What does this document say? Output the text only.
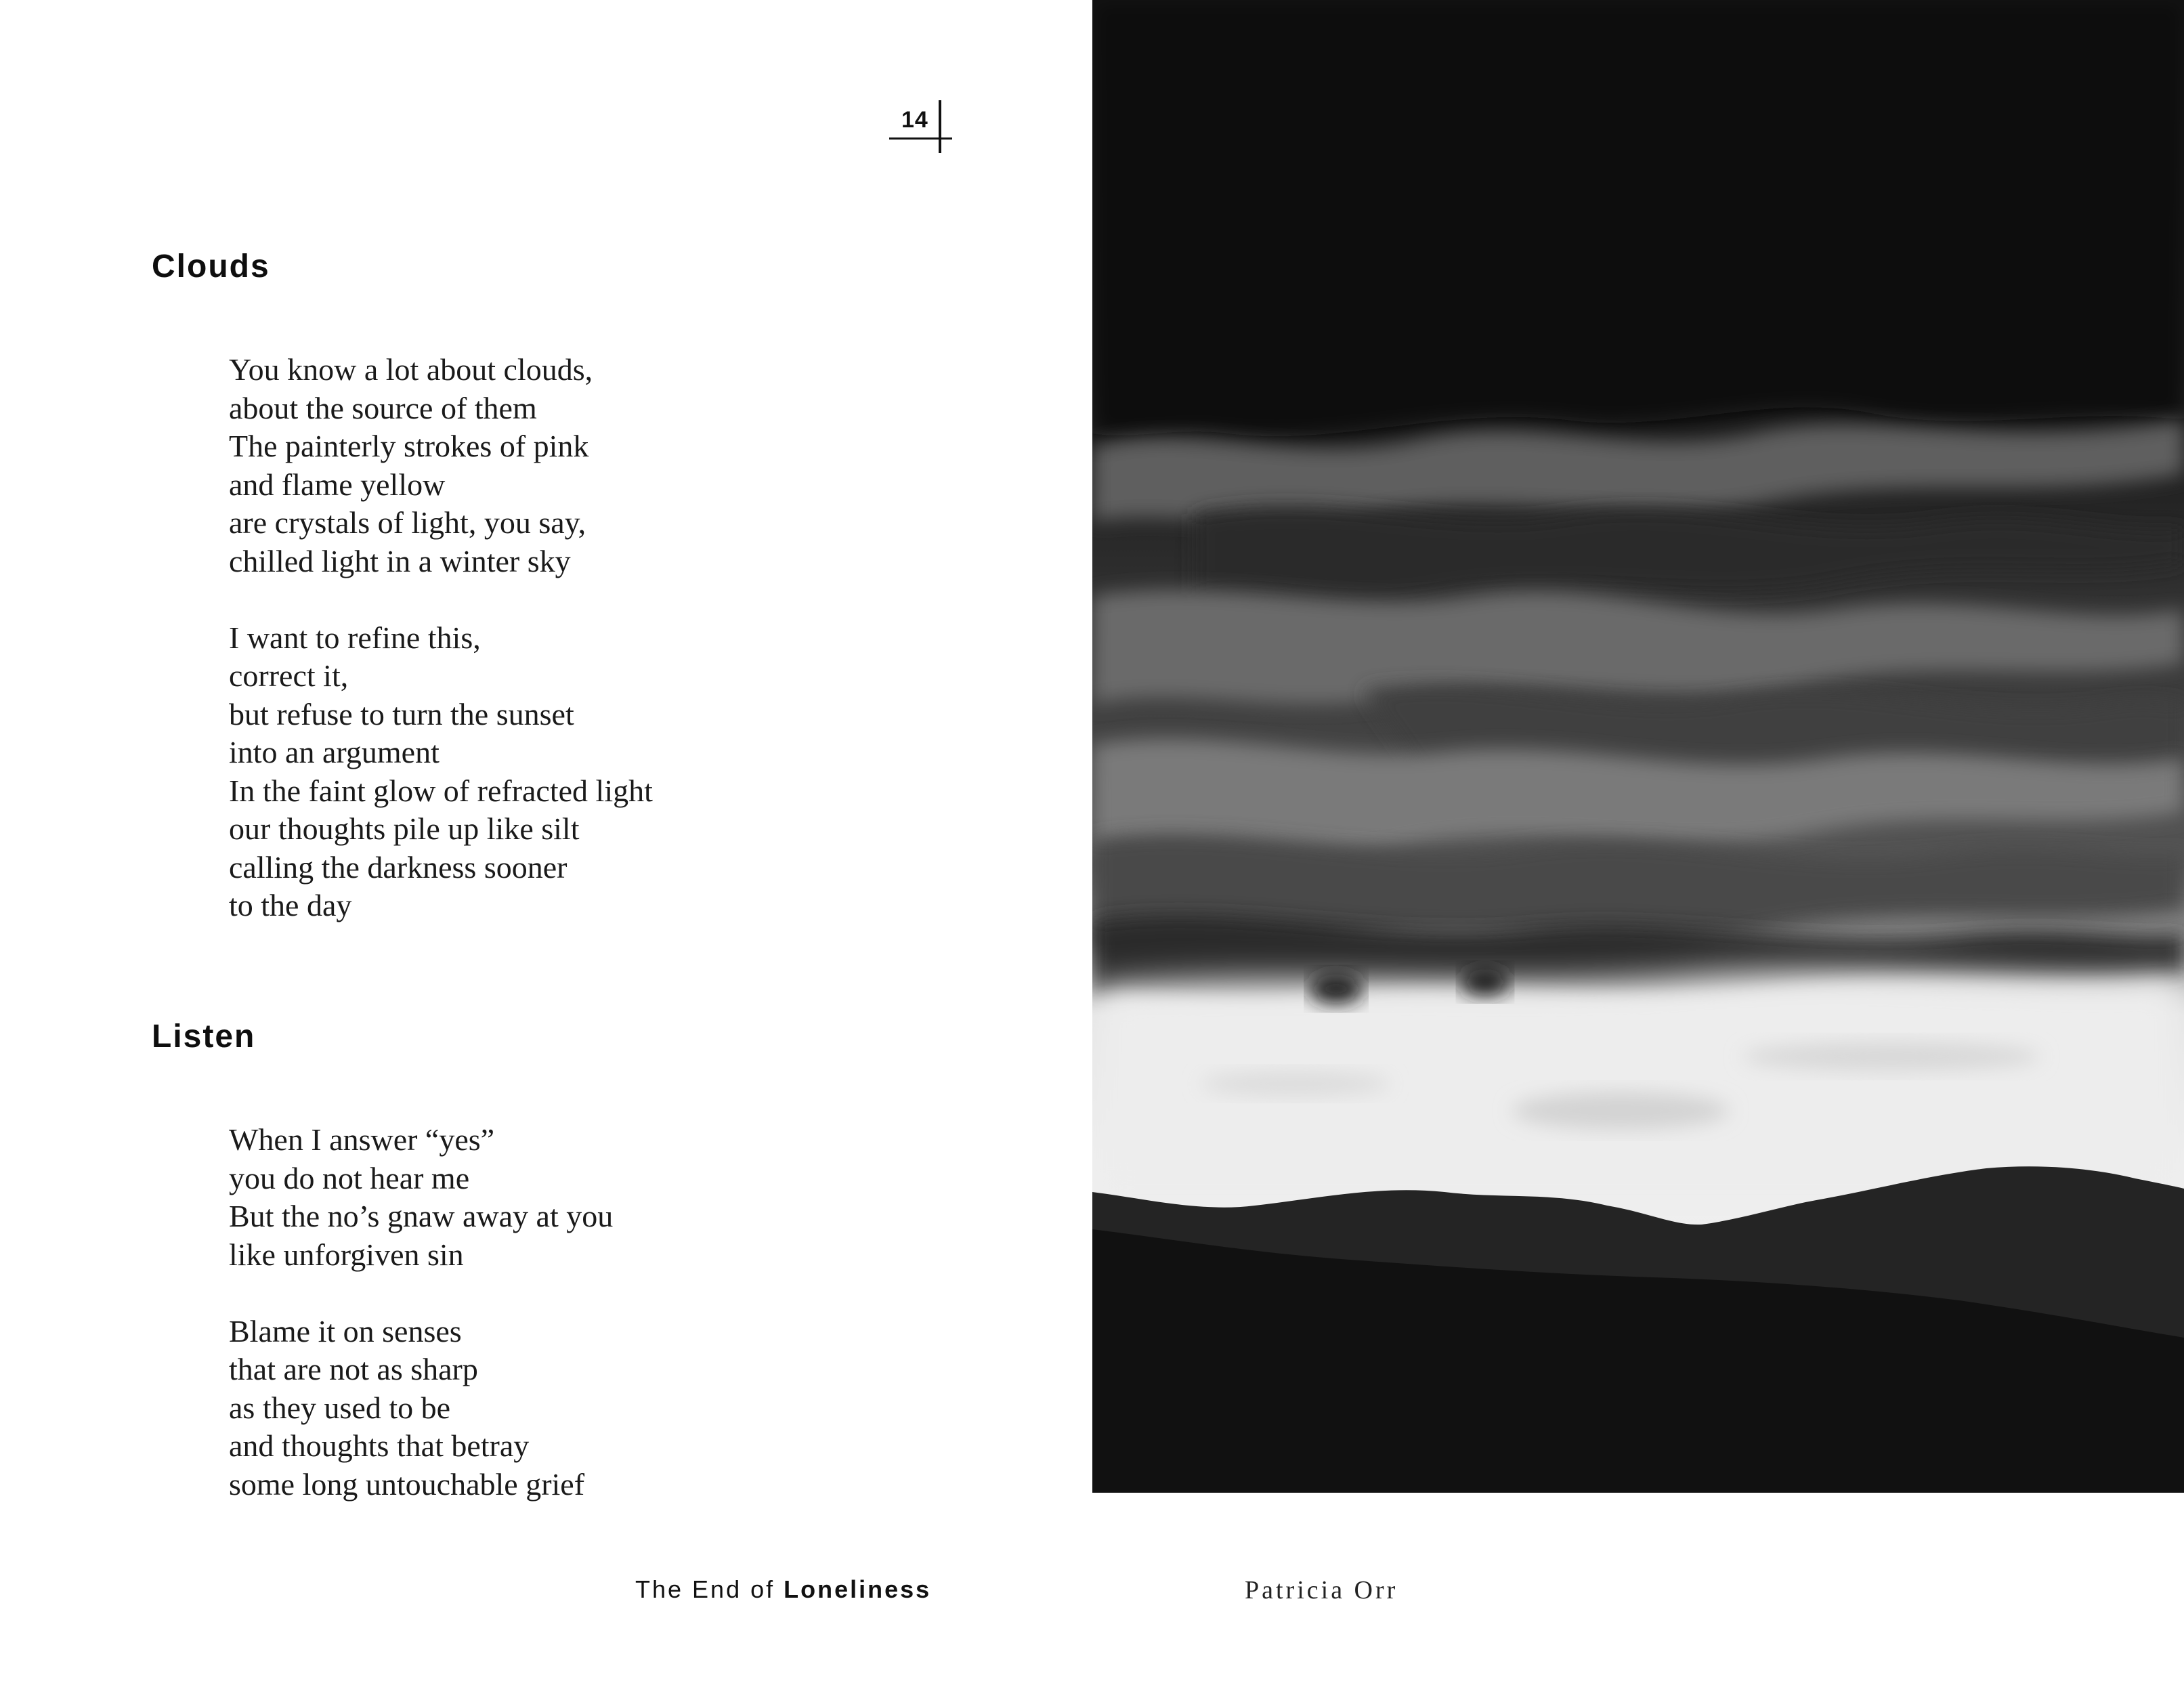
14
Clouds
You know a lot about clouds,
about the source of them
The painterly strokes of pink
and flame yellow
are crystals of light, you say,
chilled light in a winter sky
I want to refine this,
correct it,
but refuse to turn the sunset
into an argument
In the faint glow of refracted light
our thoughts pile up like silt
calling the darkness sooner
to the day
Listen
When I answer “yes”
you do not hear me
But the no’s gnaw away at you
like unforgiven sin
Blame it on senses
that are not as sharp
as they used to be
and thoughts that betray
some long untouchable grief
The End of Loneliness	Patricia Orr
